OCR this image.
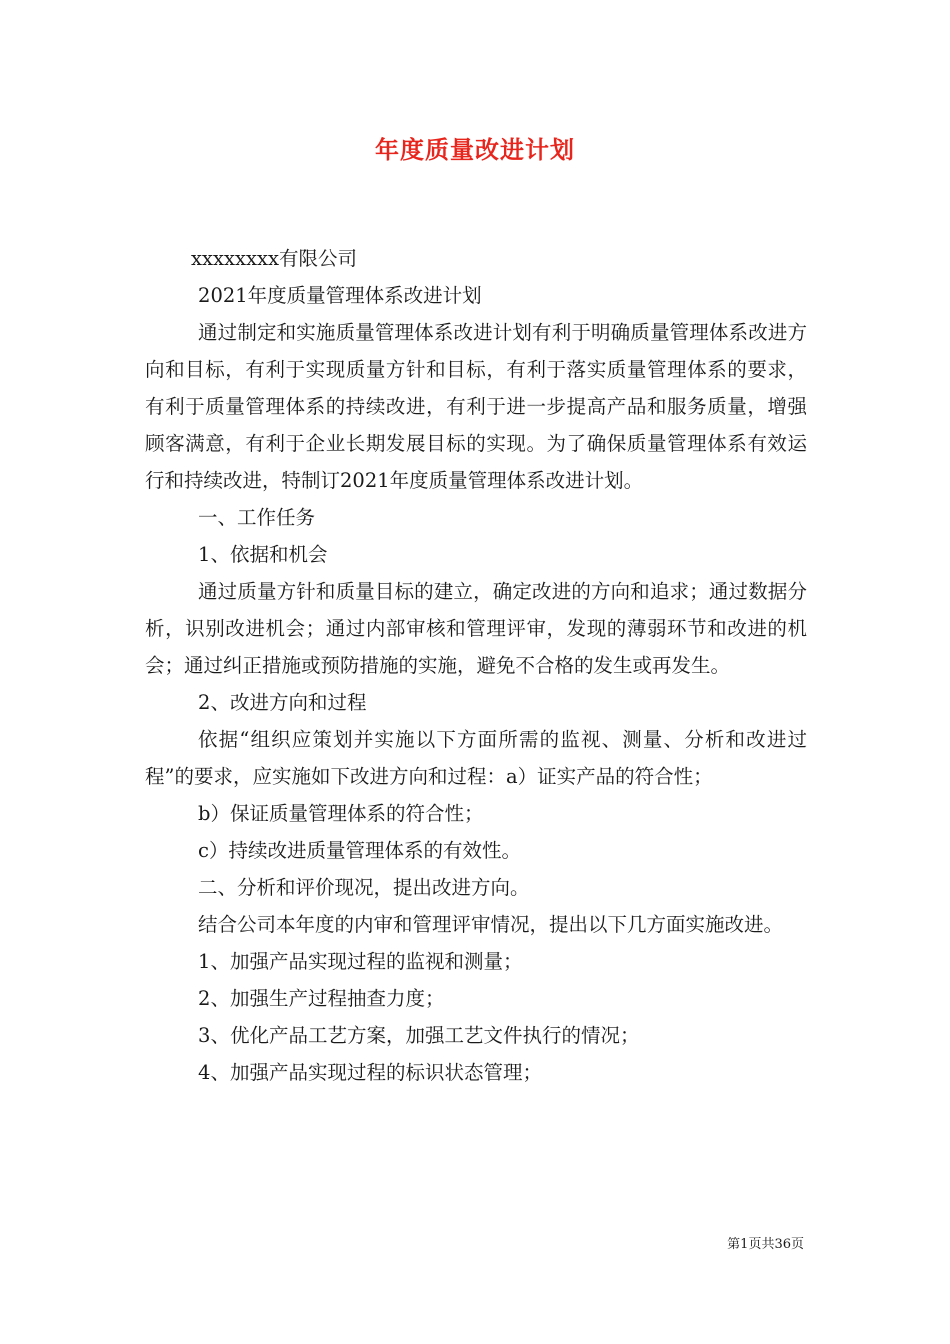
年度质量改进计划

xxxxxxxx有限公司

2021年度质量管理体系改进计划

通过制定和实施质量管理体系改进计划有利于明确质量管理体系改进方向和目标，有利于实现质量方针和目标，有利于落实质量管理体系的要求，有利于质量管理体系的持续改进，有利于进一步提高产品和服务质量，增强顾客满意，有利于企业长期发展目标的实现。为了确保质量管理体系有效运行和持续改进，特制订2021年度质量管理体系改进计划。

一、工作任务

1、依据和机会

通过质量方针和质量目标的建立，确定改进的方向和追求；通过数据分析，识别改进机会；通过内部审核和管理评审，发现的薄弱环节和改进的机会；通过纠正措施或预防措施的实施，避免不合格的发生或再发生。

2、改进方向和过程

依据“组织应策划并实施以下方面所需的监视、测量、分析和改进过程”的要求，应实施如下改进方向和过程：a）证实产品的符合性；

b）保证质量管理体系的符合性；

c）持续改进质量管理体系的有效性。

二、分析和评价现况，提出改进方向。

结合公司本年度的内审和管理评审情况，提出以下几方面实施改进。

1、加强产品实现过程的监视和测量；

2、加强生产过程抽查力度；

3、优化产品工艺方案，加强工艺文件执行的情况；

4、加强产品实现过程的标识状态管理；

第1页共36页
